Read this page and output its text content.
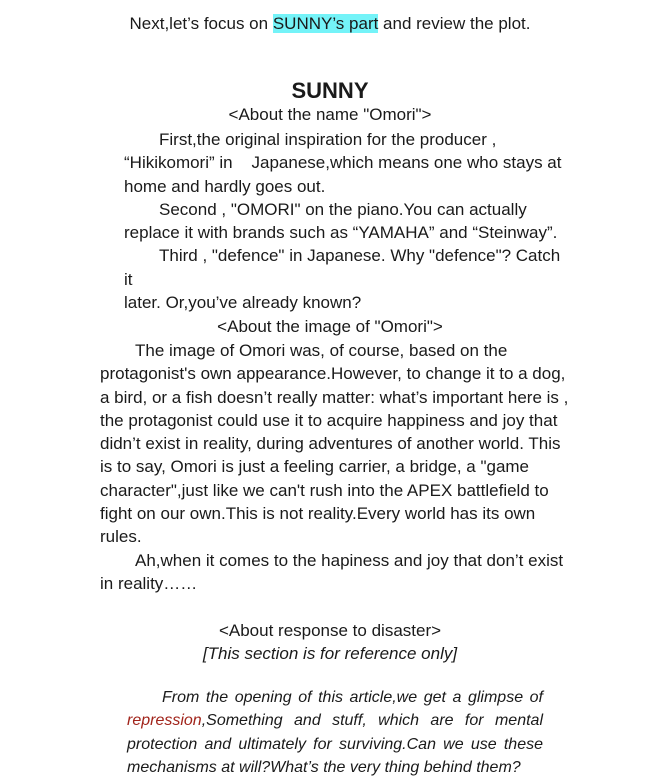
Next,let’s focus on SUNNY’s part and review the plot.
SUNNY
<About the name "Omori">
First,the original inspiration for the producer ,
“Hikikomori” in    Japanese,which means one who stays at
home and hardly goes out.
Second , "OMORI" on the piano.You can actually
replace it with brands such as “YAMAHA” and “Steinway”.
Third , "defence" in Japanese. Why "defence"? Catch it
later. Or,you’ve already known?
<About the image of "Omori">
The image of Omori was, of course, based on the
protagonist's own appearance.However, to change it to a dog,
a bird, or a fish doesn’t really matter: what’s important here is ,
the protagonist could use it to acquire happiness and joy that
didn’t exist in reality, during adventures of another world. This
is to say, Omori is just a feeling carrier, a bridge, a "game
character",just like we can't rush into the APEX battlefield to
fight on our own.This is not reality.Every world has its own
rules.
Ah,when it comes to the hapiness and joy that don’t exist
in reality……
<About response to disaster>
[This section is for reference only]
From the opening of this article,we get a glimpse of
repression,Something and stuff, which are for mental
protection and ultimately for surviving.Can we use these
mechanisms at will?What’s the very thing behind them?
